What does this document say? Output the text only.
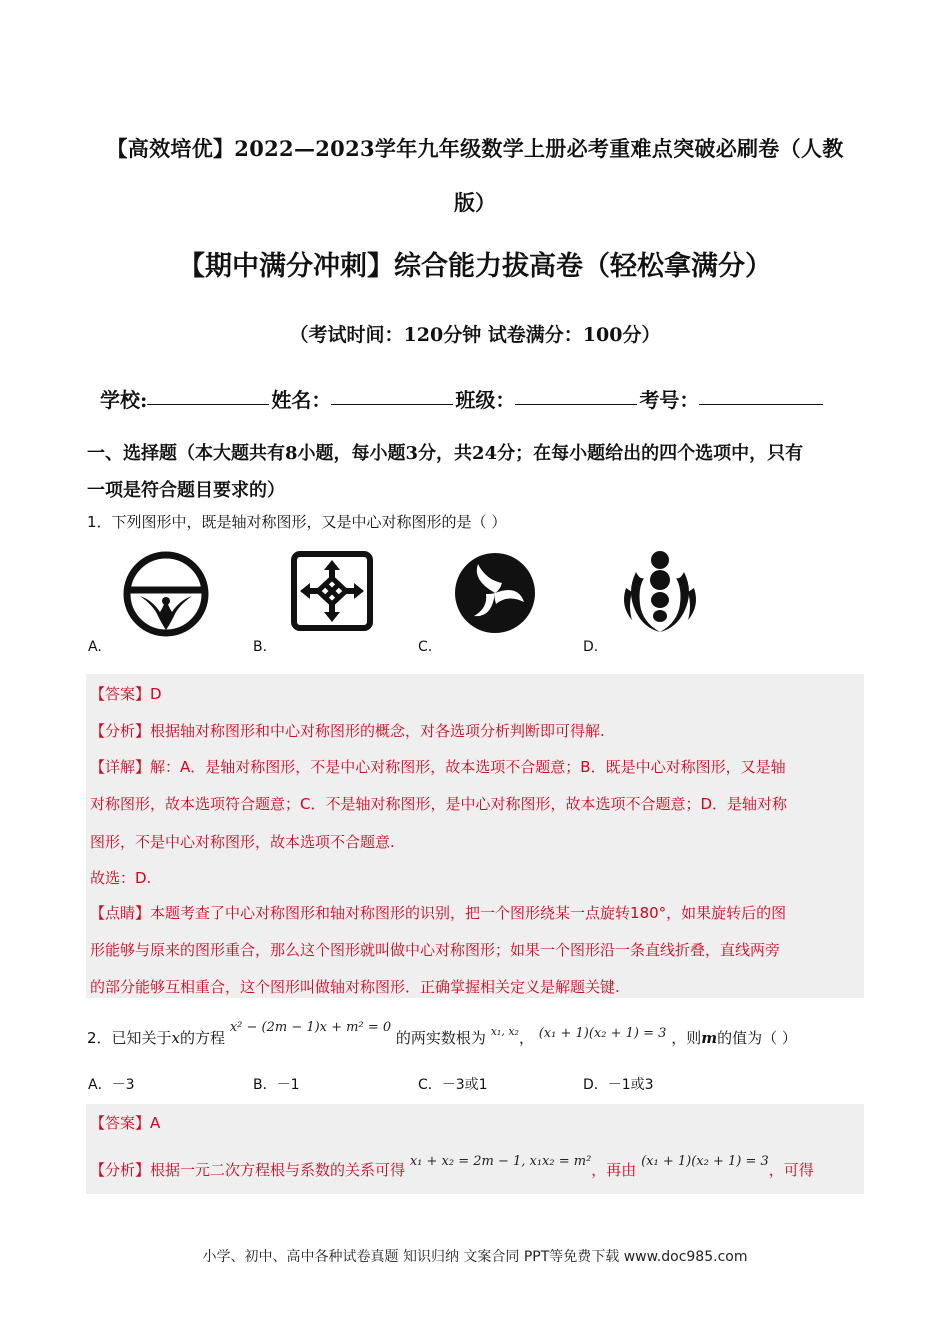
【高效培优】2022—2023学年九年级数学上册必考重难点突破必刷卷（人教
版）
【期中满分冲刺】综合能力拔高卷（轻松拿满分）
（考试时间：120分钟 试卷满分：100分）
学校:	姓名：	班级：	考号：
一、选择题（本大题共有8小题，每小题3分，共24分；在每小题给出的四个选项中，只有
一项是符合题目要求的）
1．下列图形中，既是轴对称图形，又是中心对称图形的是（ ）
A.	B.	C.	D.
【答案】D
【分析】根据轴对称图形和中心对称图形的概念，对各选项分析判断即可得解.
【详解】解：A．是轴对称图形，不是中心对称图形，故本选项不合题意；B．既是中心对称图形，又是轴
对称图形，故本选项符合题意；C．不是轴对称图形，是中心对称图形，故本选项不合题意；D．是轴对称
图形，不是中心对称图形，故本选项不合题意.
故选：D.
【点睛】本题考查了中心对称图形和轴对称图形的识别，把一个图形绕某一点旋转180°，如果旋转后的图
形能够与原来的图形重合，那么这个图形就叫做中心对称图形；如果一个图形沿一条直线折叠，直线两旁
的部分能够互相重合，这个图形叫做轴对称图形．正确掌握相关定义是解题关键.
2．已知关于x的方程 x² − (2m − 1)x + m² = 0 的两实数根为 $^{x_1, x_2}$， (x₁ + 1)(x₂ + 1) = 3 ，则m的值为（ ）
A．－3	B．－1	C．－3或1	D．－1或3
【答案】A
【分析】根据一元二次方程根与系数的关系可得 x₁ + x₂ = 2m − 1, x₁x₂ = m²，再由 (x₁ + 1)(x₂ + 1) = 3，可得
小学、初中、高中各种试卷真题 知识归纳 文案合同 PPT等免费下载 www.doc985.com
